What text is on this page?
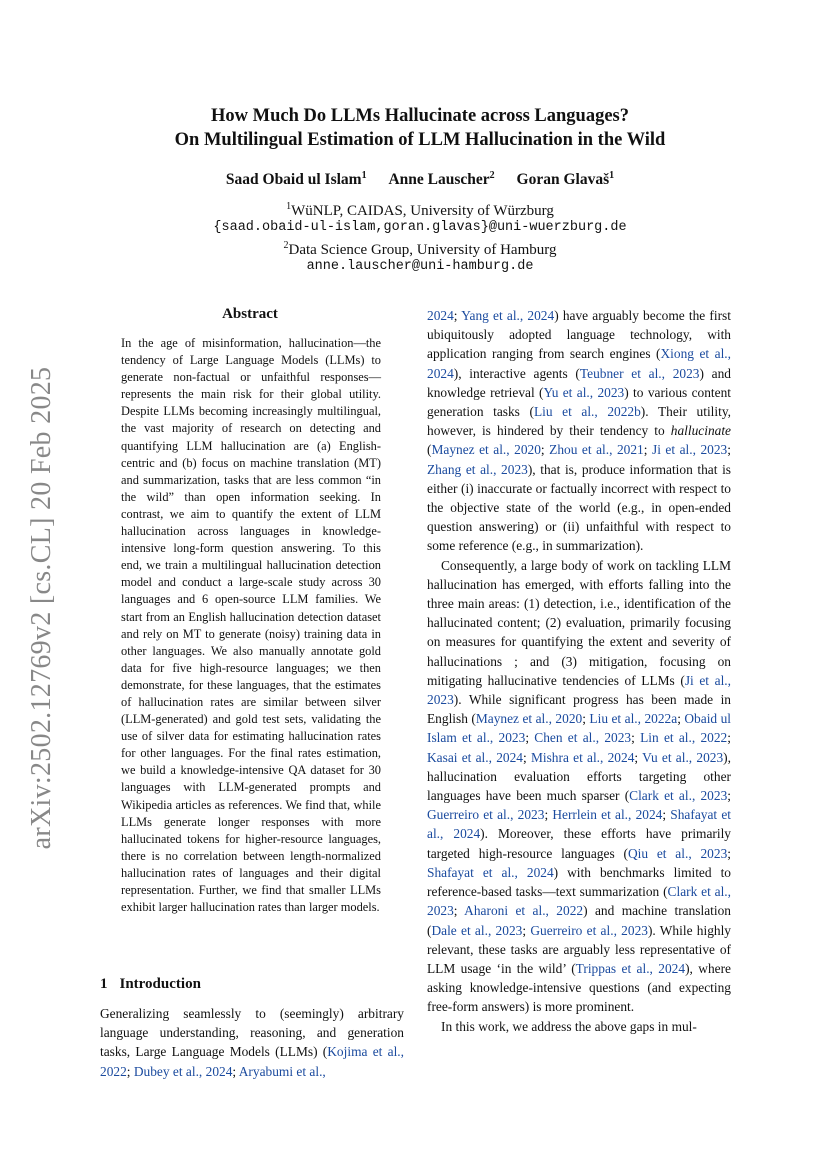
arXiv:2502.12769v2 [cs.CL] 20 Feb 2025
How Much Do LLMs Hallucinate across Languages?
On Multilingual Estimation of LLM Hallucination in the Wild
Saad Obaid ul Islam$^1$ Anne Lauscher$^2$ Goran Glavaš$^1$
$^1$WüNLP, CAIDAS, University of Würzburg
{saad.obaid-ul-islam,goran.glavas}@uni-wuerzburg.de
$^2$Data Science Group, University of Hamburg
anne.lauscher@uni-hamburg.de
Abstract

In the age of misinformation, hallucination—the tendency of Large Language Models (LLMs) to generate non-factual or unfaithful responses—represents the main risk for their global utility. Despite LLMs becoming increasingly multilingual, the vast majority of research on detecting and quantifying LLM hallucination are (a) English-centric and (b) focus on machine translation (MT) and summarization, tasks that are less common “in the wild” than open information seeking. In contrast, we aim to quantify the extent of LLM hallucination across languages in knowledge-intensive long-form question answering. To this end, we train a multilingual hallucination detection model and conduct a large-scale study across 30 languages and 6 open-source LLM families. We start from an English hallucination detection dataset and rely on MT to generate (noisy) training data in other languages. We also manually annotate gold data for five high-resource languages; we then demonstrate, for these languages, that the estimates of hallucination rates are similar between silver (LLM-generated) and gold test sets, validating the use of silver data for estimating hallucination rates for other languages. For the final rates estimation, we build a knowledge-intensive QA dataset for 30 languages with LLM-generated prompts and Wikipedia articles as references. We find that, while LLMs generate longer responses with more hallucinated tokens for higher-resource languages, there is no correlation between length-normalized hallucination rates of languages and their digital representation. Further, we find that smaller LLMs exhibit larger hallucination rates than larger models.

1 Introduction

Generalizing seamlessly to (seemingly) arbitrary language understanding, reasoning, and generation tasks, Large Language Models (LLMs) (Kojima et al., 2022; Dubey et al., 2024; Aryabumi et al.,

2024; Yang et al., 2024) have arguably become the first ubiquitously adopted language technology, with application ranging from search engines (Xiong et al., 2024), interactive agents (Teubner et al., 2023) and knowledge retrieval (Yu et al., 2023) to various content generation tasks (Liu et al., 2022b). Their utility, however, is hindered by their tendency to hallucinate (Maynez et al., 2020; Zhou et al., 2021; Ji et al., 2023; Zhang et al., 2023), that is, produce information that is either (i) inaccurate or factually incorrect with respect to the objective state of the world (e.g., in open-ended question answering) or (ii) unfaithful with respect to some reference (e.g., in summarization).

Consequently, a large body of work on tackling LLM hallucination has emerged, with efforts falling into the three main areas: (1) detection, i.e., identification of the hallucinated content; (2) evaluation, primarily focusing on measures for quantifying the extent and severity of hallucinations ; and (3) mitigation, focusing on mitigating hallucinative tendencies of LLMs (Ji et al., 2023). While significant progress has been made in English (Maynez et al., 2020; Liu et al., 2022a; Obaid ul Islam et al., 2023; Chen et al., 2023; Lin et al., 2022; Kasai et al., 2024; Mishra et al., 2024; Vu et al., 2023), hallucination evaluation efforts targeting other languages have been much sparser (Clark et al., 2023; Guerreiro et al., 2023; Herrlein et al., 2024; Shafayat et al., 2024). Moreover, these efforts have primarily targeted high-resource languages (Qiu et al., 2023; Shafayat et al., 2024) with benchmarks limited to reference-based tasks—text summarization (Clark et al., 2023; Aharoni et al., 2022) and machine translation (Dale et al., 2023; Guerreiro et al., 2023). While highly relevant, these tasks are arguably less representative of LLM usage ‘in the wild’ (Trippas et al., 2024), where asking knowledge-intensive questions (and expecting free-form answers) is more prominent.

In this work, we address the above gaps in mul-
